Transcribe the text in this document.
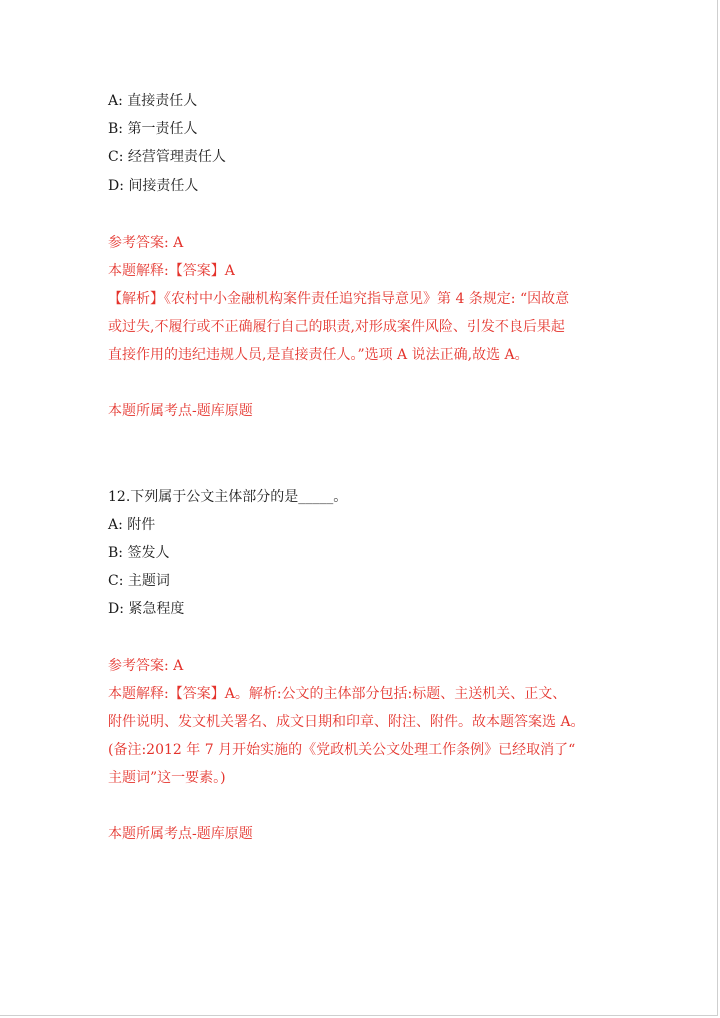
A: 直接责任人

B: 第一责任人

C: 经营管理责任人

D: 间接责任人

参考答案: A

本题解释:【答案】A

【解析】《农村中小金融机构案件责任追究指导意见》第 4 条规定: “因故意

或过失,不履行或不正确履行自己的职责,对形成案件风险、引发不良后果起

直接作用的违纪违规人员,是直接责任人。”选项 A 说法正确,故选 A。

本题所属考点-题库原题

12.下列属于公文主体部分的是_____。

A: 附件

B: 签发人

C: 主题词

D: 紧急程度

参考答案: A

本题解释:【答案】A。解析:公文的主体部分包括:标题、主送机关、正文、

附件说明、发文机关署名、成文日期和印章、附注、附件。故本题答案选 A。

(备注:2012 年 7 月开始实施的《党政机关公文处理工作条例》已经取消了“

主题词”这一要素。)

本题所属考点-题库原题
